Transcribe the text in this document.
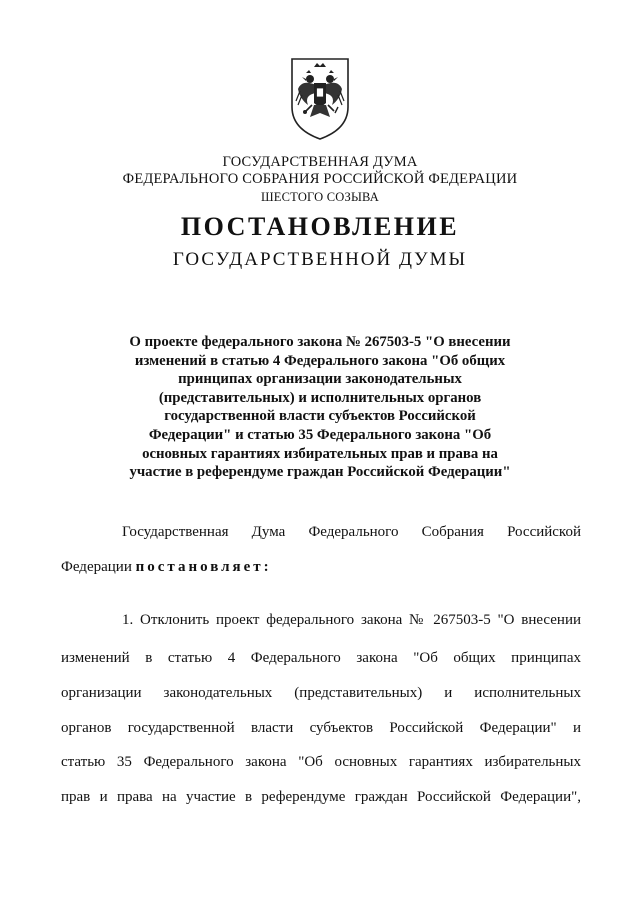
ГОСУДАРСТВЕННАЯ ДУМА
ФЕДЕРАЛЬНОГО СОБРАНИЯ РОССИЙСКОЙ ФЕДЕРАЦИИ
ШЕСТОГО СОЗЫВА
ПОСТАНОВЛЕНИЕ
ГОСУДАРСТВЕННОЙ ДУМЫ
О проекте федерального закона № 267503-5 "О внесении
изменений в статью 4 Федерального закона "Об общих
принципах организации законодательных
(представительных) и исполнительных органов
государственной власти субъектов Российской
Федерации" и статью 35 Федерального закона "Об
основных гарантиях избирательных прав и права на
участие в референдуме граждан Российской Федерации"
Государственная Дума Федерального Собрания Российской
Федерации постановляет:
1. Отклонить проект федерального закона № 267503-5 "О внесении
изменений в статью 4 Федерального закона "Об общих принципах
организации законодательных (представительных) и исполнительных
органов государственной власти субъектов Российской Федерации" и
статью 35 Федерального закона "Об основных гарантиях избирательных
прав и права на участие в референдуме граждан Российской Федерации",
